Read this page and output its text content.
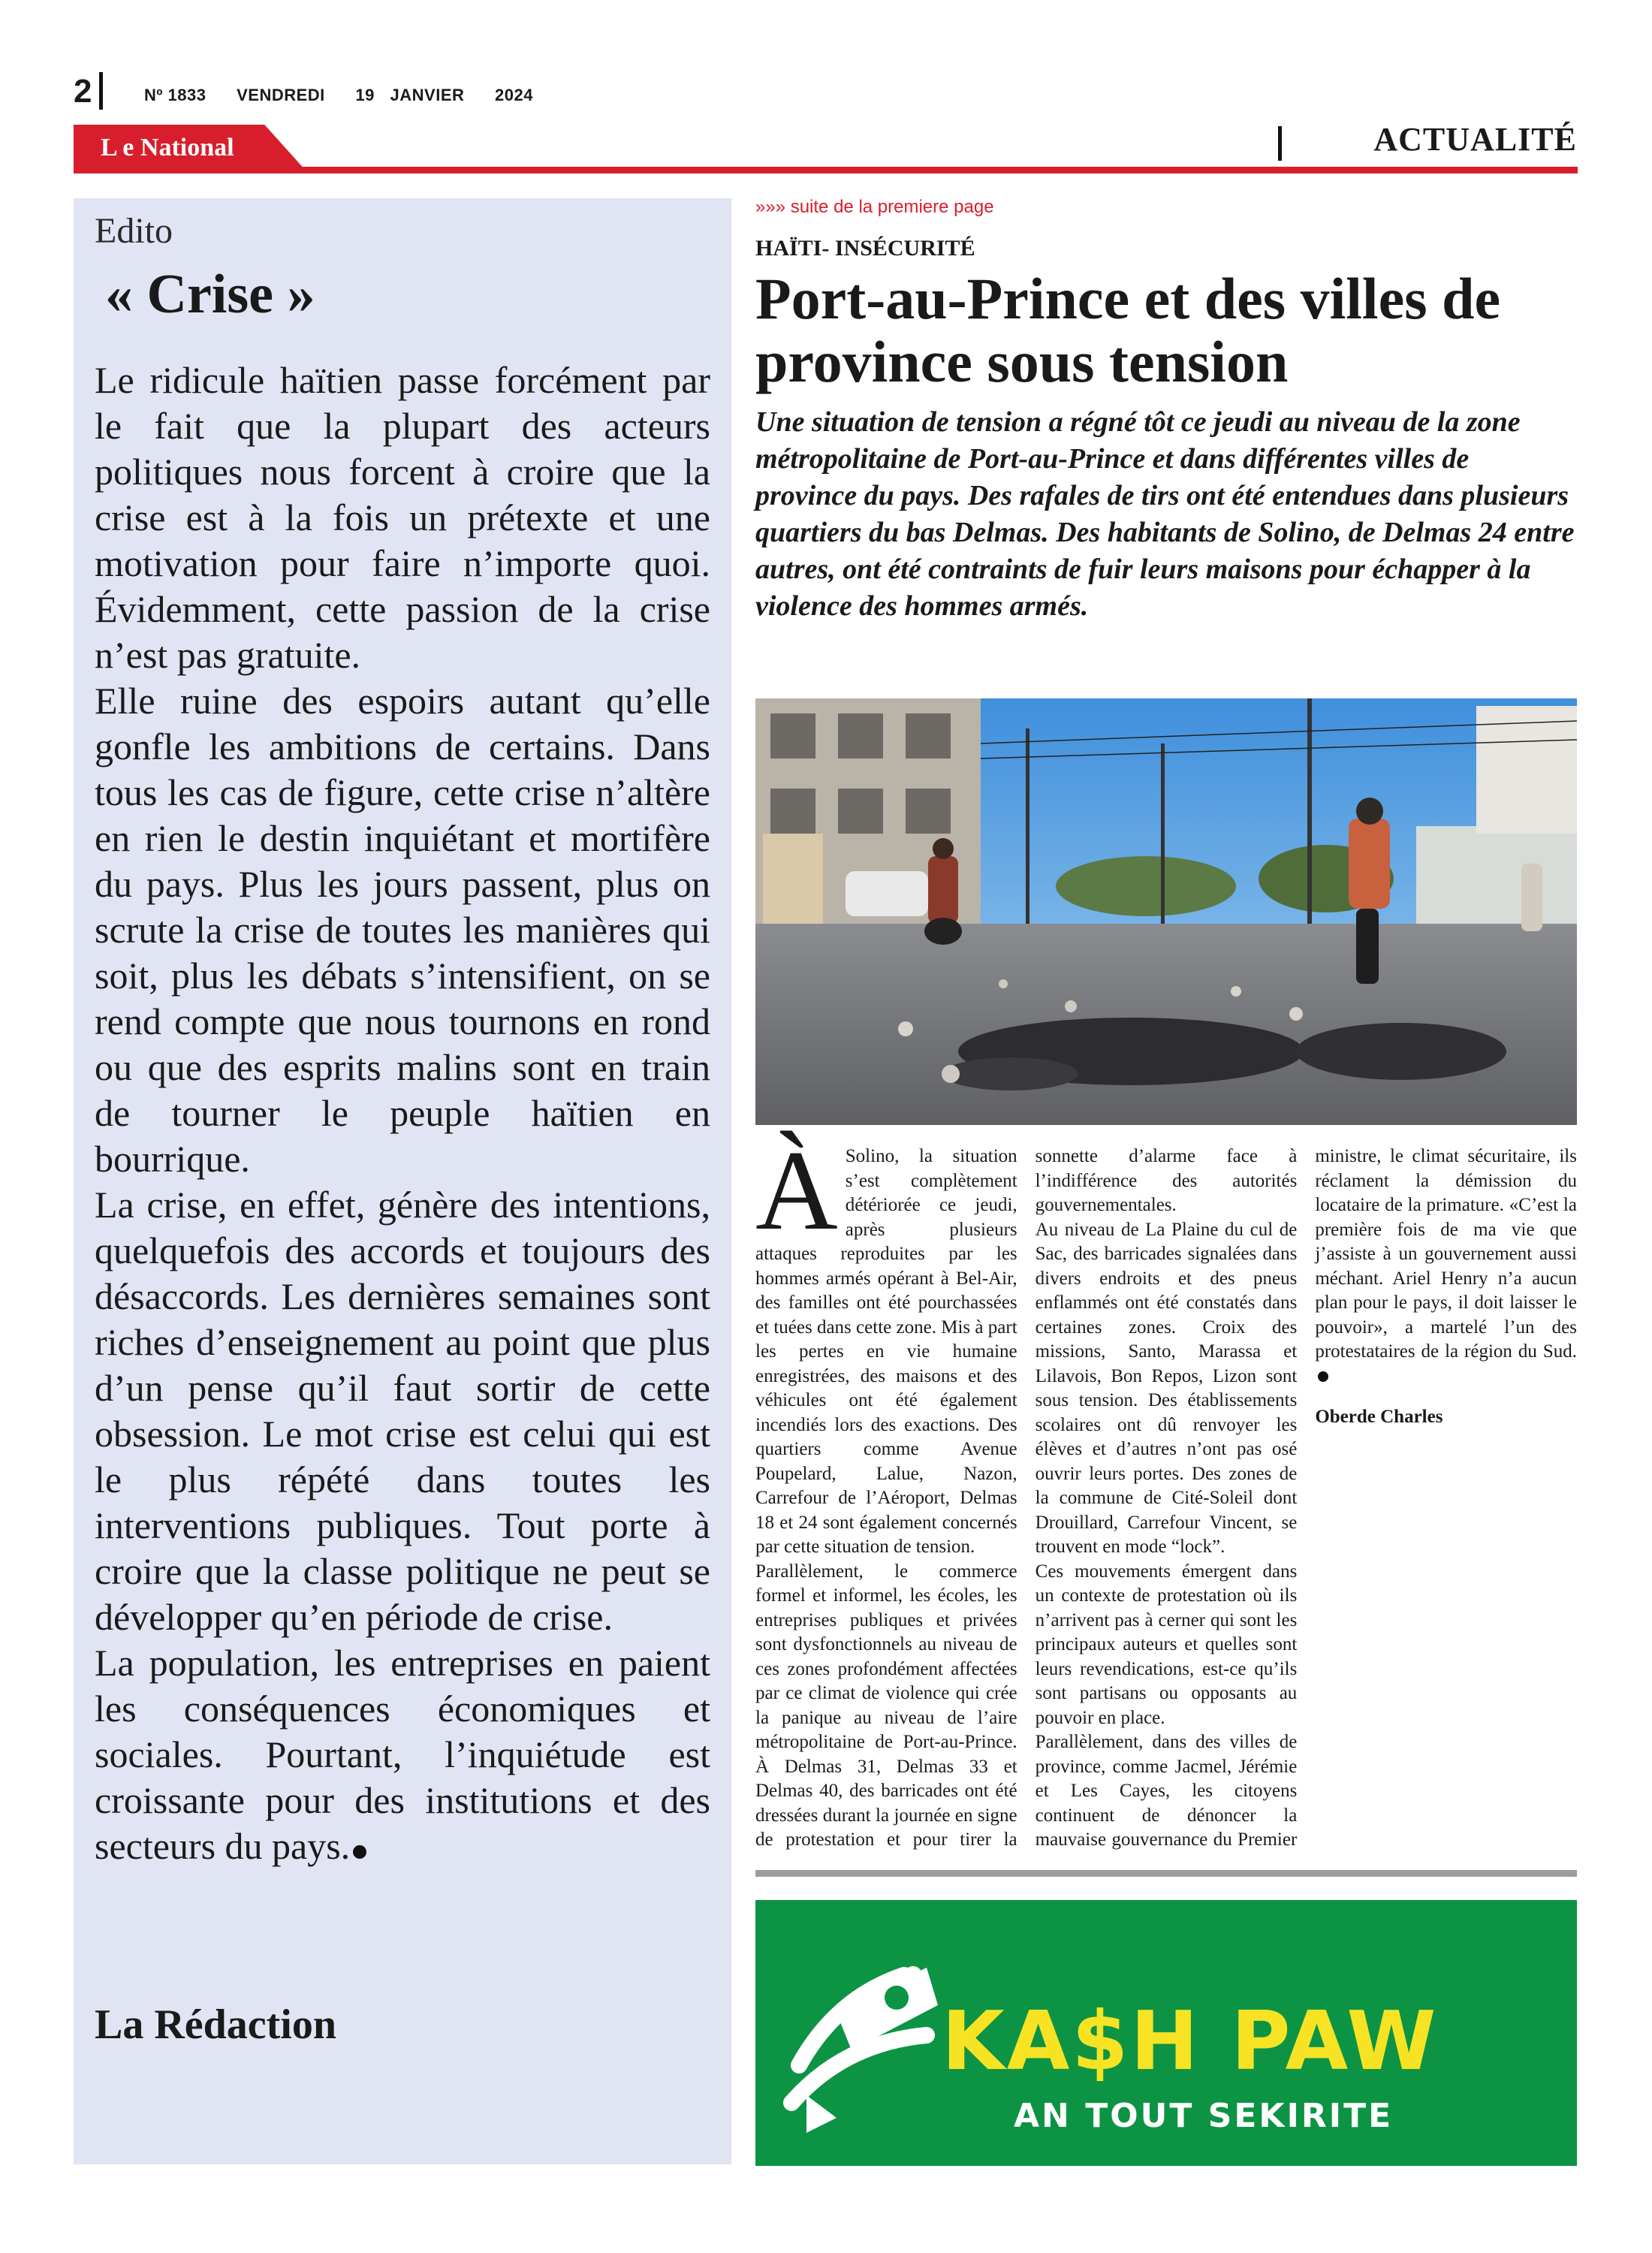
2	Nº 1833 VENDREDI 19 JANVIER 2024
L e National	ACTUALITÉ
Edito
« Crise »

Le ridicule haïtien passe forcément par le fait que la plupart des acteurs politiques nous forcent à croire que la crise est à la fois un prétexte et une motivation pour faire n’importe quoi. Évidemment, cette passion de la crise n’est pas gratuite.

Elle ruine des espoirs autant qu’elle gonfle les ambitions de certains. Dans tous les cas de figure, cette crise n’altère en rien le destin inquiétant et mortifère du pays. Plus les jours passent, plus on scrute la crise de toutes les manières qui soit, plus les débats s’intensifient, on se rend compte que nous tournons en rond ou que des esprits malins sont en train de tourner le peuple haïtien en bourrique.

La crise, en effet, génère des intentions, quelquefois des accords et toujours des désaccords. Les dernières semaines sont riches d’enseignement au point que plus d’un pense qu’il faut sortir de cette obsession. Le mot crise est celui qui est le plus répété dans toutes les interventions publiques. Tout porte à croire que la classe politique ne peut se développer qu’en période de crise.

La population, les entreprises en paient les conséquences économiques et sociales. Pourtant, l’inquiétude est croissante pour des institutions et des secteurs du pays.

La Rédaction
»»» suite de la premiere page
HAÏTI- INSÉCURITÉ
Port-au-Prince et des villes de province sous tension
Une situation de tension a régné tôt ce jeudi au niveau de la zone métropolitaine de Port-au-Prince et dans différentes villes de province du pays. Des rafales de tirs ont été entendues dans plusieurs quartiers du bas Delmas. Des habitants de Solino, de Delmas 24 entre autres, ont été contraints de fuir leurs maisons pour échapper à la violence des hommes armés.

À Solino, la situation s’est complètement détériorée ce jeudi, après plusieurs attaques reproduites par les hommes armés opérant à Bel-Air, des familles ont été pourchassées et tuées dans cette zone. Mis à part les pertes en vie humaine enregistrées, des maisons et des véhicules ont été également incendiés lors des exactions. Des quartiers comme Avenue Poupelard, Lalue, Nazon, Carrefour de l’Aéroport, Delmas 18 et 24 sont également concernés par cette situation de tension.

Parallèlement, le commerce formel et informel, les écoles, les entreprises publiques et privées sont dysfonctionnels au niveau de ces zones profondément affectées par ce climat de violence qui crée la panique au niveau de l’aire métropolitaine de Port-au-Prince. À Delmas 31, Delmas 33 et Delmas 40, des barricades ont été dressées durant la journée en signe de protestation et pour tirer la sonnette d’alarme face à l’indifférence des autorités gouvernementales.

Au niveau de La Plaine du cul de Sac, des barricades signalées dans divers endroits et des pneus enflammés ont été constatés dans certaines zones. Croix des missions, Santo, Marassa et Lilavois, Bon Repos, Lizon sont sous tension. Des établissements scolaires ont dû renvoyer les élèves et d’autres n’ont pas osé ouvrir leurs portes. Des zones de la commune de Cité-Soleil dont Drouillard, Carrefour Vincent, se trouvent en mode “lock”.

Ces mouvements émergent dans un contexte de protestation où ils n’arrivent pas à cerner qui sont les principaux auteurs et quelles sont leurs revendications, est-ce qu’ils sont partisans ou opposants au pouvoir en place.

Parallèlement, dans des villes de province, comme Jacmel, Jérémie et Les Cayes, les citoyens continuent de dénoncer la mauvaise gouvernance du Premier ministre, le climat sécuritaire, ils réclament la démission du locataire de la primature. «C’est la première fois de ma vie que j’assiste à un gouvernement aussi méchant. Ariel Henry n’a aucun plan pour le pays, il doit laisser le pouvoir», a martelé l’un des protestataires de la région du Sud.

Oberde Charles

KA$H PAW
AN TOUT SEKIRITE
